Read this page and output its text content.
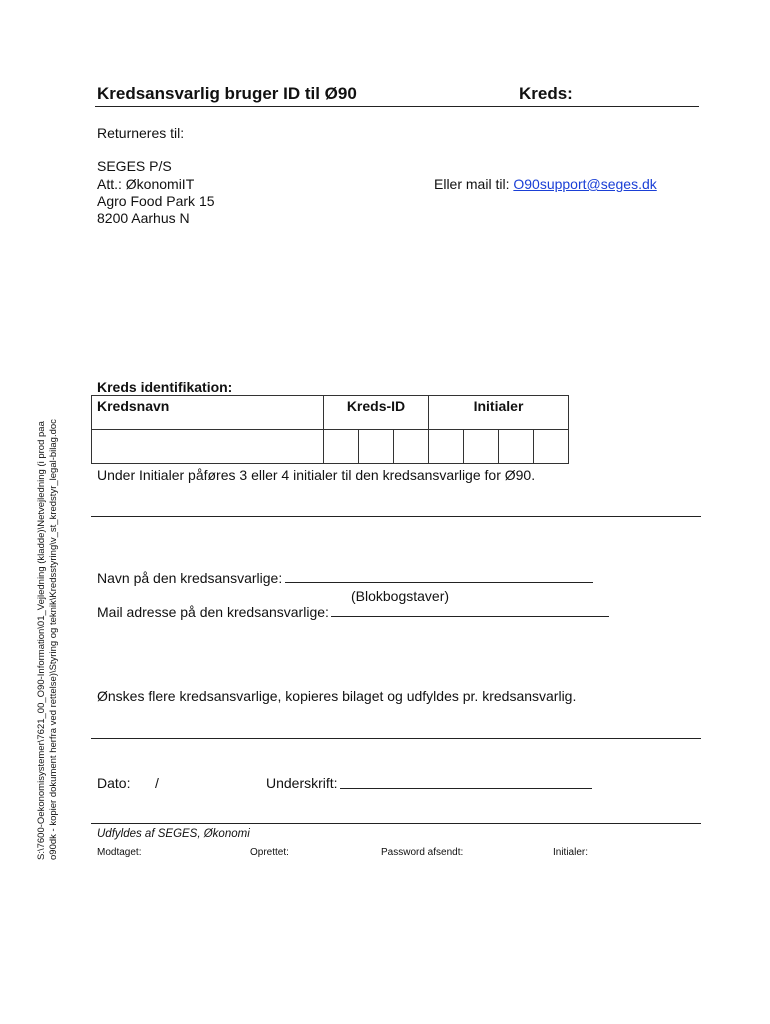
Kredsansvarlig bruger ID til Ø90	Kreds:
Returneres til:
SEGES P/S
Att.: ØkonomiIT
Agro Food Park 15
8200 Aarhus N
Eller mail til: O90support@seges.dk
Kreds identifikation:
Kredsnavn	Kreds-ID			Initialer			

Under Initialer påføres 3 eller 4 initialer til den kredsansvarlige for Ø90.
Navn på den kredsansvarlige:
(Blokbogstaver)
Mail adresse på den kredsansvarlige:
Ønskes flere kredsansvarlige, kopieres bilaget og udfyldes pr. kredsansvarlig.
Dato: /	Underskrift:
Udfyldes af SEGES, Økonomi
Modtaget:	Oprettet:	Password afsendt:	Initialer:
S:\7600-Oekonomisystemer\7621_00_O90-Information\01_Vejledning (kladde)\Netvejledning (i prod paa o90dk - kopier dokument herfra ved rettelse)\Styring og teknik\Kredsstyring\v_st_kredstyr_legal-bilag.doc
